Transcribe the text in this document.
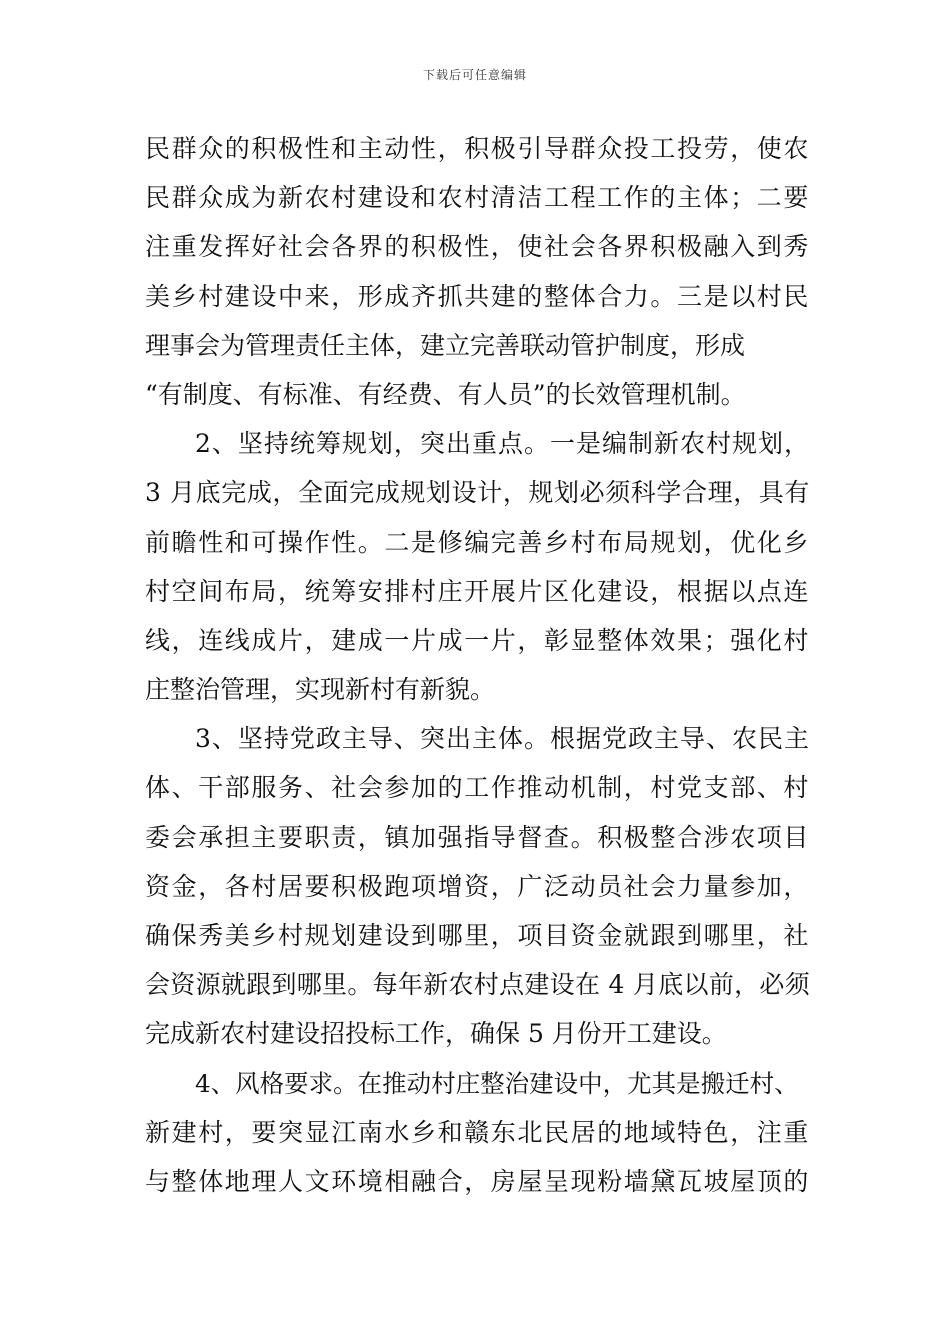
下载后可任意编辑
民群众的积极性和主动性，积极引导群众投工投劳，使农
民群众成为新农村建设和农村清洁工程工作的主体；二要
注重发挥好社会各界的积极性，使社会各界积极融入到秀
美乡村建设中来，形成齐抓共建的整体合力。三是以村民
理事会为管理责任主体，建立完善联动管护制度，形成
“有制度、有标准、有经费、有人员”的长效管理机制。
2、坚持统筹规划，突出重点。一是编制新农村规划，
3 月底完成，全面完成规划设计，规划必须科学合理，具有
前瞻性和可操作性。二是修编完善乡村布局规划，优化乡
村空间布局，统筹安排村庄开展片区化建设，根据以点连
线，连线成片，建成一片成一片，彰显整体效果；强化村
庄整治管理，实现新村有新貌。
3、坚持党政主导、突出主体。根据党政主导、农民主
体、干部服务、社会参加的工作推动机制，村党支部、村
委会承担主要职责，镇加强指导督查。积极整合涉农项目
资金，各村居要积极跑项增资，广泛动员社会力量参加，
确保秀美乡村规划建设到哪里，项目资金就跟到哪里，社
会资源就跟到哪里。每年新农村点建设在 4 月底以前，必须
完成新农村建设招投标工作，确保 5 月份开工建设。
4、风格要求。在推动村庄整治建设中，尤其是搬迁村、
新建村，要突显江南水乡和赣东北民居的地域特色，注重
与整体地理人文环境相融合，房屋呈现粉墙黛瓦坡屋顶的
